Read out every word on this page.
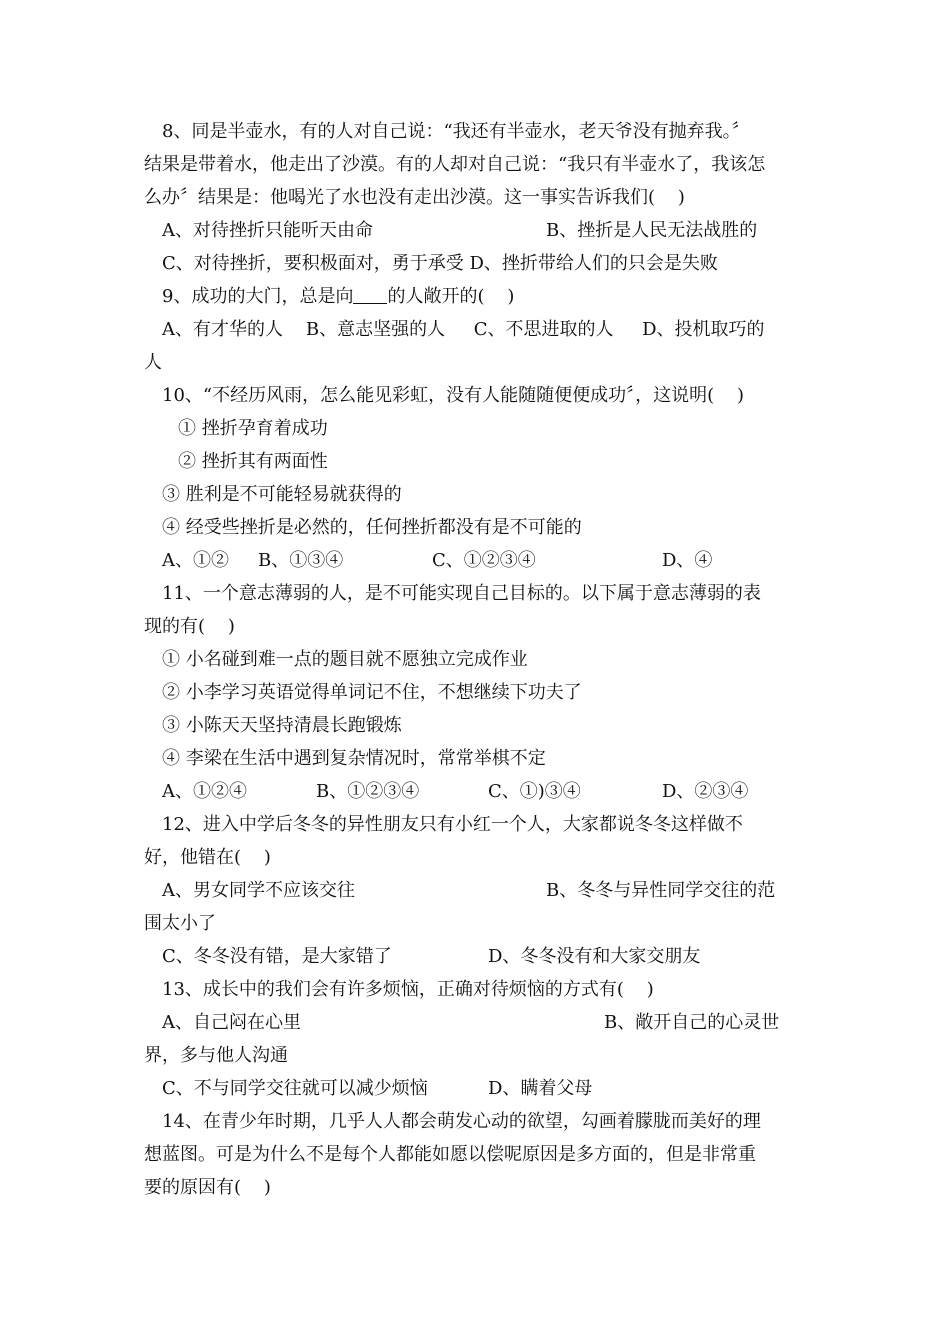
8、同是半壶水，有的人对自己说：“我还有半壶水，老天爷没有抛弃我。〞
结果是带着水，他走出了沙漠。有的人却对自己说：“我只有半壶水了，我该怎
么办〞结果是：他喝光了水也没有走出沙漠。这一事实告诉我们(    )
A、对待挫折只能听天由命	B、挫折是人民无法战胜的
C、对待挫折，要积极面对，勇于承受 D、挫折带给人们的只会是失败
9、成功的大门，总是向 的人敞开的(    )
A、有才华的人    B、意志坚强的人     C、不思进取的人     D、投机取巧的
人
10、“不经历风雨，怎么能见彩虹，没有人能随随便便成功〞，这说明(    )
① 挫折孕育着成功
② 挫折其有两面性
③ 胜利是不可能轻易就获得的
④ 经受些挫折是必然的，任何挫折都没有是不可能的
A、①② B、①③④	C、①②③④	D、④
11、一个意志薄弱的人，是不可能实现自己目标的。以下属于意志薄弱的表
现的有(    )
① 小名碰到难一点的题目就不愿独立完成作业
② 小李学习英语觉得单词记不住，不想继续下功夫了
③ 小陈天天坚持清晨长跑锻炼
④ 李梁在生活中遇到复杂情况时，常常举棋不定
A、①②④	B、①②③④	C、①)③④	D、②③④
12、进入中学后冬冬的异性朋友只有小红一个人，大家都说冬冬这样做不
好，他错在(    )
A、男女同学不应该交往	B、冬冬与异性同学交往的范
围太小了
C、冬冬没有错，是大家错了	D、冬冬没有和大家交朋友
13、成长中的我们会有许多烦恼，正确对待烦恼的方式有(    )
A、自己闷在心里	B、敞开自己的心灵世
界，多与他人沟通
C、不与同学交往就可以减少烦恼	D、瞒着父母
14、在青少年时期，几乎人人都会萌发心动的欲望，勾画着朦胧而美好的理
想蓝图。可是为什么不是每个人都能如愿以偿呢原因是多方面的，但是非常重
要的原因有(    )
